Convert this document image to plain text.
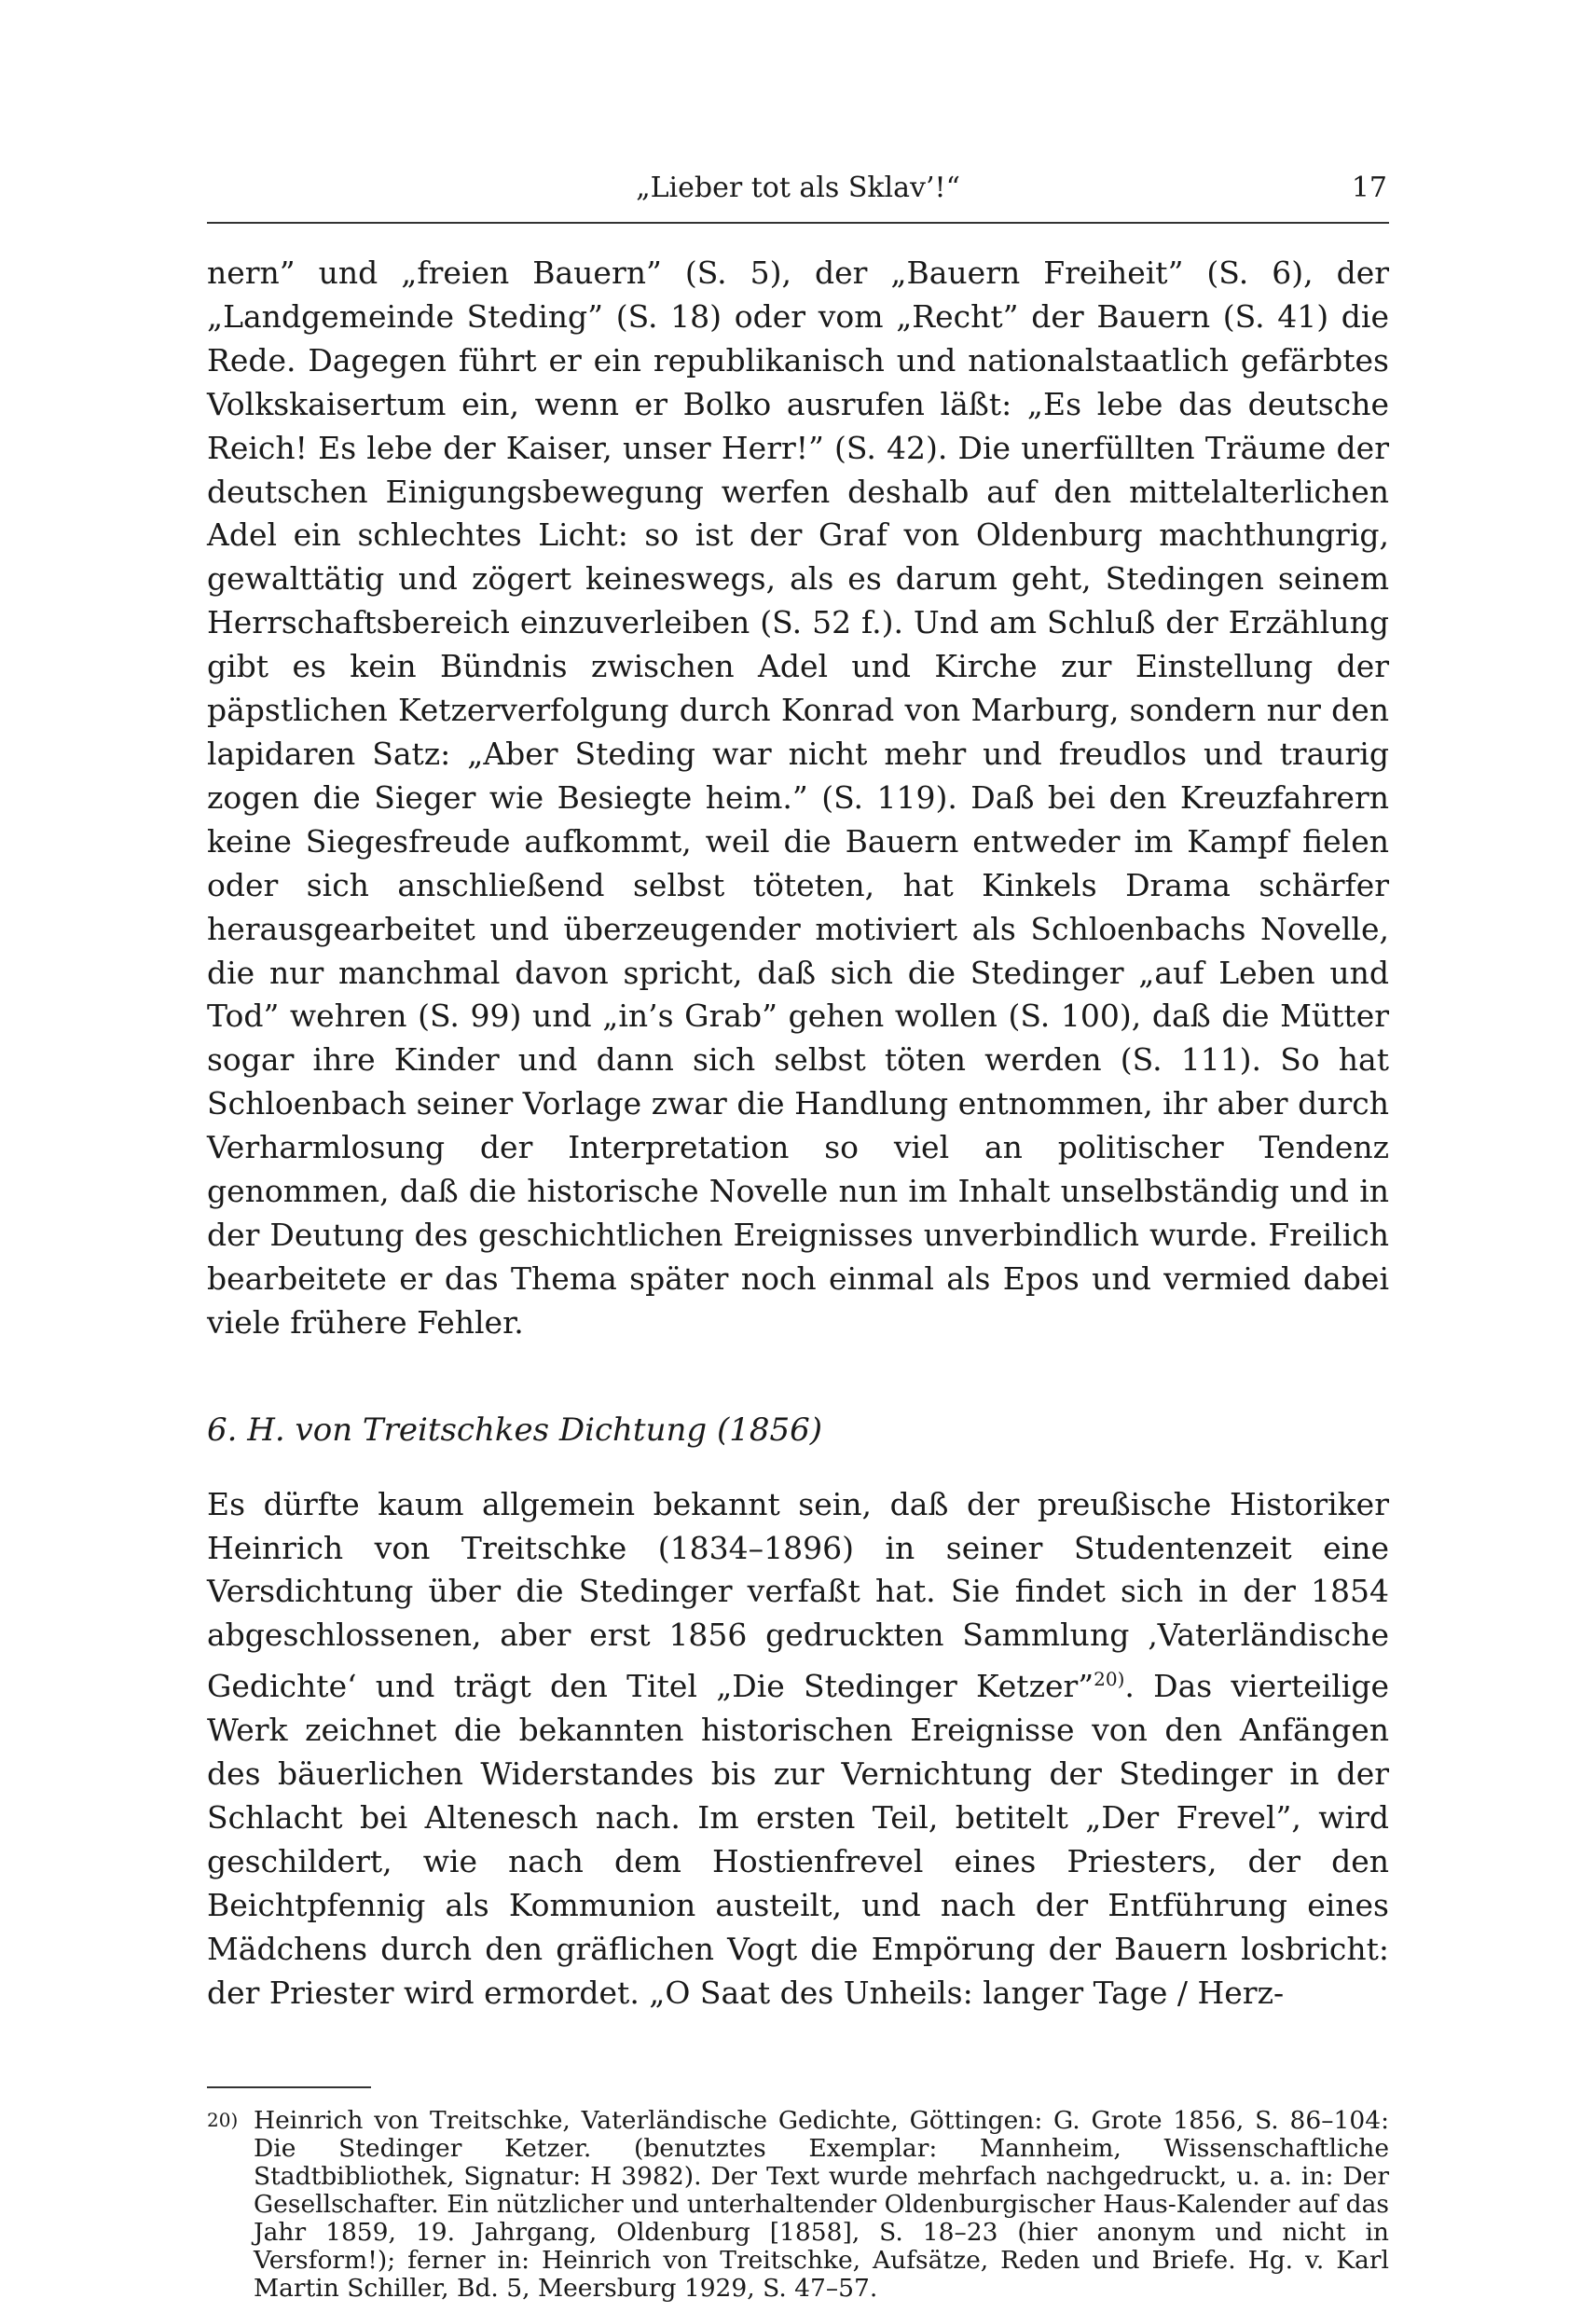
„Lieber tot als Sklav’!“	17

nern” und „freien Bauern” (S. 5), der „Bauern Freiheit” (S. 6), der „Landgemeinde Steding” (S. 18) oder vom „Recht” der Bauern (S. 41) die Rede. Dagegen führt er ein republikanisch und nationalstaatlich gefärbtes Volkskaisertum ein, wenn er Bolko ausrufen läßt: „Es lebe das deutsche Reich! Es lebe der Kaiser, unser Herr!” (S. 42). Die unerfüllten Träume der deutschen Einigungsbewegung werfen deshalb auf den mittelalterlichen Adel ein schlechtes Licht: so ist der Graf von Oldenburg machthungrig, gewalttätig und zögert keineswegs, als es darum geht, Stedingen seinem Herrschaftsbereich einzuverleiben (S. 52 f.). Und am Schluß der Erzählung gibt es kein Bündnis zwischen Adel und Kirche zur Einstellung der päpstlichen Ketzerverfolgung durch Konrad von Marburg, sondern nur den lapidaren Satz: „Aber Steding war nicht mehr und freudlos und traurig zogen die Sieger wie Besiegte heim.” (S. 119). Daß bei den Kreuzfahrern keine Siegesfreude aufkommt, weil die Bauern entweder im Kampf fielen oder sich anschließend selbst töteten, hat Kinkels Drama schärfer herausgearbeitet und überzeugender motiviert als Schloenbachs Novelle, die nur manchmal davon spricht, daß sich die Stedinger „auf Leben und Tod” wehren (S. 99) und „in’s Grab” gehen wollen (S. 100), daß die Mütter sogar ihre Kinder und dann sich selbst töten werden (S. 111). So hat Schloenbach seiner Vorlage zwar die Handlung entnommen, ihr aber durch Verharmlosung der Interpretation so viel an politischer Tendenz genommen, daß die historische Novelle nun im Inhalt unselbständig und in der Deutung des geschichtlichen Ereignisses unverbindlich wurde. Freilich bearbeitete er das Thema später noch einmal als Epos und vermied dabei viele frühere Fehler.

6. H. von Treitschkes Dichtung (1856)

Es dürfte kaum allgemein bekannt sein, daß der preußische Historiker Heinrich von Treitschke (1834–1896) in seiner Studentenzeit eine Versdichtung über die Stedinger verfaßt hat. Sie findet sich in der 1854 abgeschlossenen, aber erst 1856 gedruckten Sammlung ‚Vaterländische Gedichte‘ und trägt den Titel „Die Stedinger Ketzer”$^{20)}$. Das vierteilige Werk zeichnet die bekannten historischen Ereignisse von den Anfängen des bäuerlichen Widerstandes bis zur Vernichtung der Stedinger in der Schlacht bei Altenesch nach. Im ersten Teil, betitelt „Der Frevel”, wird geschildert, wie nach dem Hostienfrevel eines Priesters, der den Beichtpfennig als Kommunion austeilt, und nach der Entführung eines Mädchens durch den gräflichen Vogt die Empörung der Bauern losbricht: der Priester wird ermordet. „O Saat des Unheils: langer Tage / Herz-

20) Heinrich von Treitschke, Vaterländische Gedichte, Göttingen: G. Grote 1856, S. 86–104: Die Stedinger Ketzer. (benutztes Exemplar: Mannheim, Wissenschaftliche Stadtbibliothek, Signatur: H 3982). Der Text wurde mehrfach nachgedruckt, u. a. in: Der Gesellschafter. Ein nützlicher und unterhaltender Oldenburgischer Haus-Kalender auf das Jahr 1859, 19. Jahrgang, Oldenburg [1858], S. 18–23 (hier anonym und nicht in Versform!); ferner in: Heinrich von Treitschke, Aufsätze, Reden und Briefe. Hg. v. Karl Martin Schiller, Bd. 5, Meersburg 1929, S. 47–57.
